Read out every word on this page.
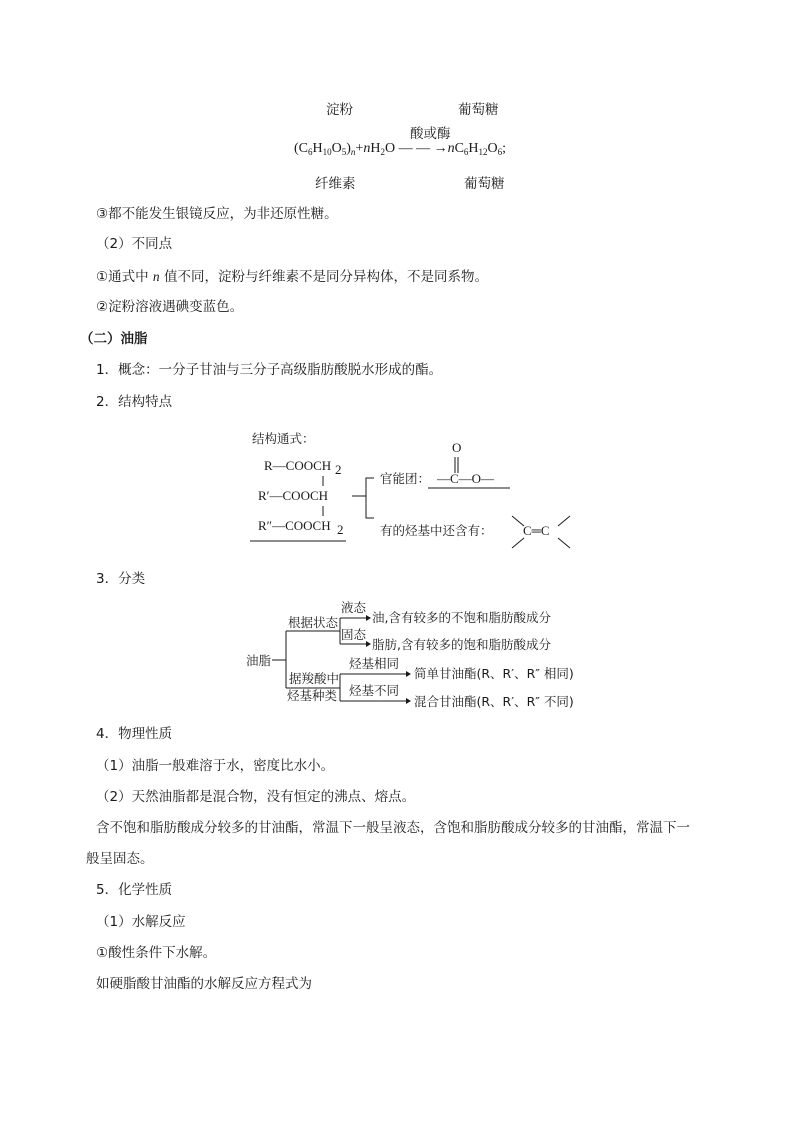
淀粉	葡萄糖
酸或酶
$(C_6H_{10}O_5)_n+nH_2O$ — — $\to nC_6H_{12}O_6$;
纤维素	葡萄糖
③都不能发生银镜反应，为非还原性糖。
（2）不同点
①通式中 n 值不同，淀粉与纤维素不是同分异构体，不是同系物。
②淀粉溶液遇碘变蓝色。
（二）油脂
1．概念：一分子甘油与三分子高级脂肪酸脱水形成的酯。
2．结构特点
结构通式：
R—COOCH 2
R′—COOCH
R″—COOCH 2
官能团：
O
—C—O—
有的烃基中还含有： C═C
3．分类
油脂
根据状态
液态
油,含有较多的不饱和脂肪酸成分
固态
脂肪,含有较多的饱和脂肪酸成分
据羧酸中
烃基种类
烃基相同
简单甘油酯(R、R′、R″ 相同)
烃基不同
混合甘油酯(R、R′、R″ 不同)
4．物理性质
（1）油脂一般难溶于水，密度比水小。
（2）天然油脂都是混合物，没有恒定的沸点、熔点。
含不饱和脂肪酸成分较多的甘油酯，常温下一般呈液态，含饱和脂肪酸成分较多的甘油酯，常温下一
般呈固态。
5．化学性质
（1）水解反应
①酸性条件下水解。
如硬脂酸甘油酯的水解反应方程式为
